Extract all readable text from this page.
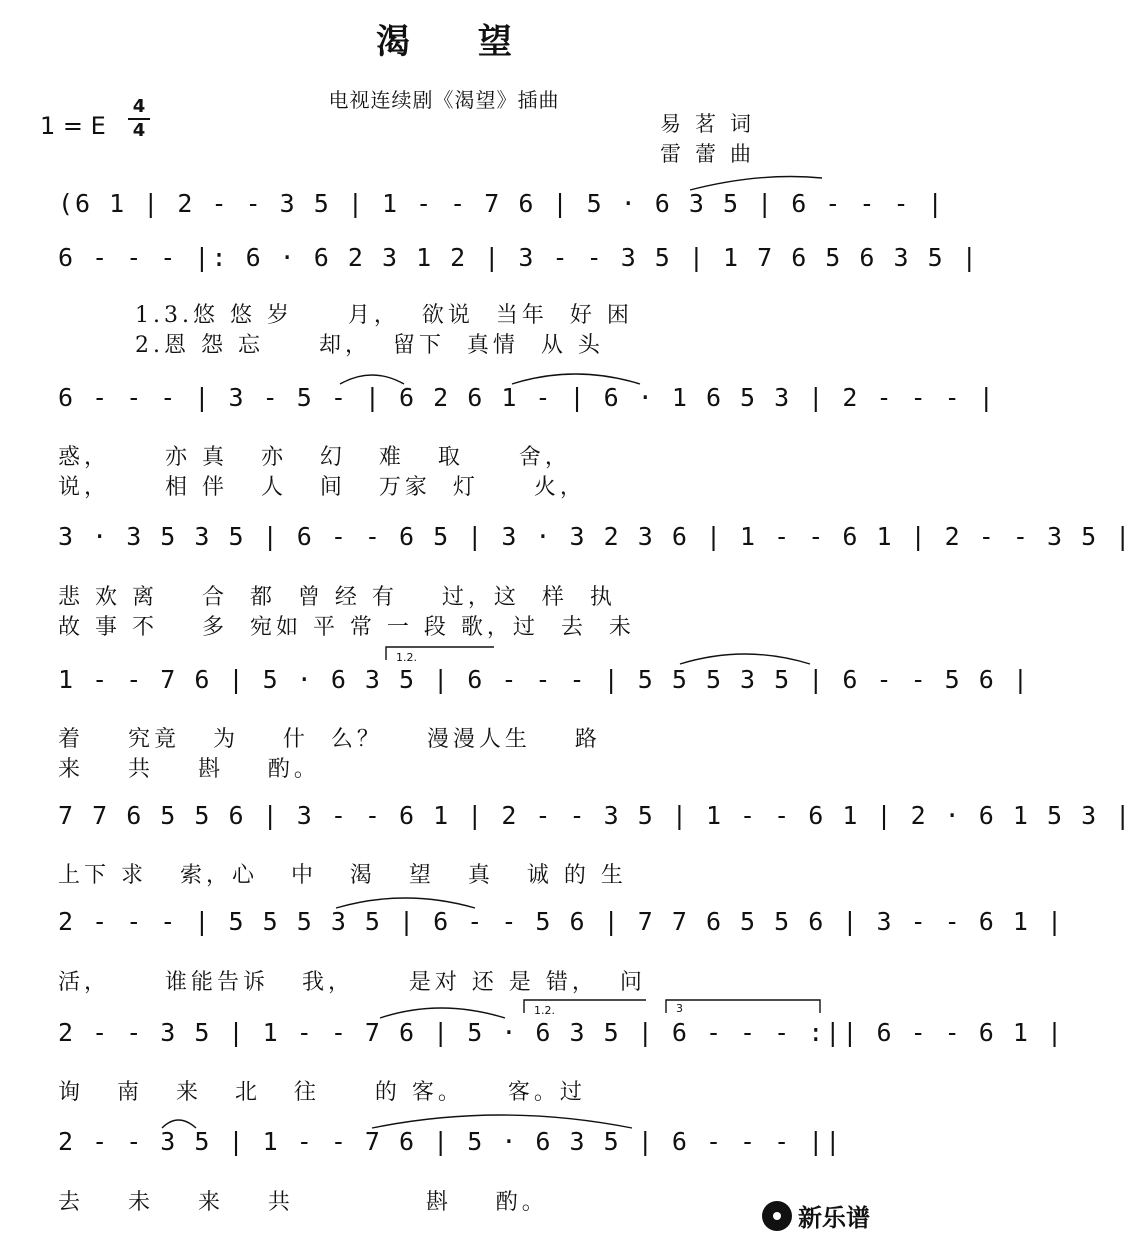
渴 望
电视连续剧《渴望》插曲
1 = E
4
4	易茗词
雷蕾曲
(6 1 | 2 - - 3 5 | 1 - - 7 6 | 5 · 6 3 5 | 6 - - - |
6 - - - |: 6 · 6 2 3 1 2 | 3 - - 3 5 | 1 7 6 5 6 3 5 |
1.3.悠 悠 岁     月，  欲说  当年  好 困
2.恩 怨 忘     却，  留下  真情  从 头
6 - - - | 3 - 5 - | 6 2 6 1 - | 6 · 1 6 5 3 | 2 - - - |
惑，     亦 真   亦   幻   难   取     舍，
说，     相 伴   人   间   万家  灯     火，
3 · 3 5 3 5 | 6 - - 6 5 | 3 · 3 2 3 6 | 1 - - 6 1 | 2 - - 3 5 |
悲 欢 离    合  都  曾 经 有    过，这  样  执
故 事 不    多  宛如 平 常 一 段 歌，过  去  未
1 - - 7 6 | 5 · 6 3 5 | 6 - - - | 5 5 5 3 5 | 6 - - 5 6 |
着    究竟   为    什  么？    漫漫人生    路
来    共    斟    酌。
7 7 6 5 5 6 | 3 - - 6 1 | 2 - - 3 5 | 1 - - 6 1 | 2 · 6 1 5 3 |
上下 求   索，心   中   渴   望   真   诚 的 生
2 - - - | 5 5 5 3 5 | 6 - - 5 6 | 7 7 6 5 5 6 | 3 - - 6 1 |
活，     谁能告诉   我，     是对 还 是 错，  问
2 - - 3 5 | 1 - - 7 6 | 5 · 6 3 5 | 6 - - - :|| 6 - - 6 1 |
询   南   来   北   往     的 客。    客。过
2 - - 3 5 | 1 - - 7 6 | 5 · 6 3 5 | 6 - - - ||
去    未    来    共            斟    酌。
1.2.
1.2.	3
新乐谱
